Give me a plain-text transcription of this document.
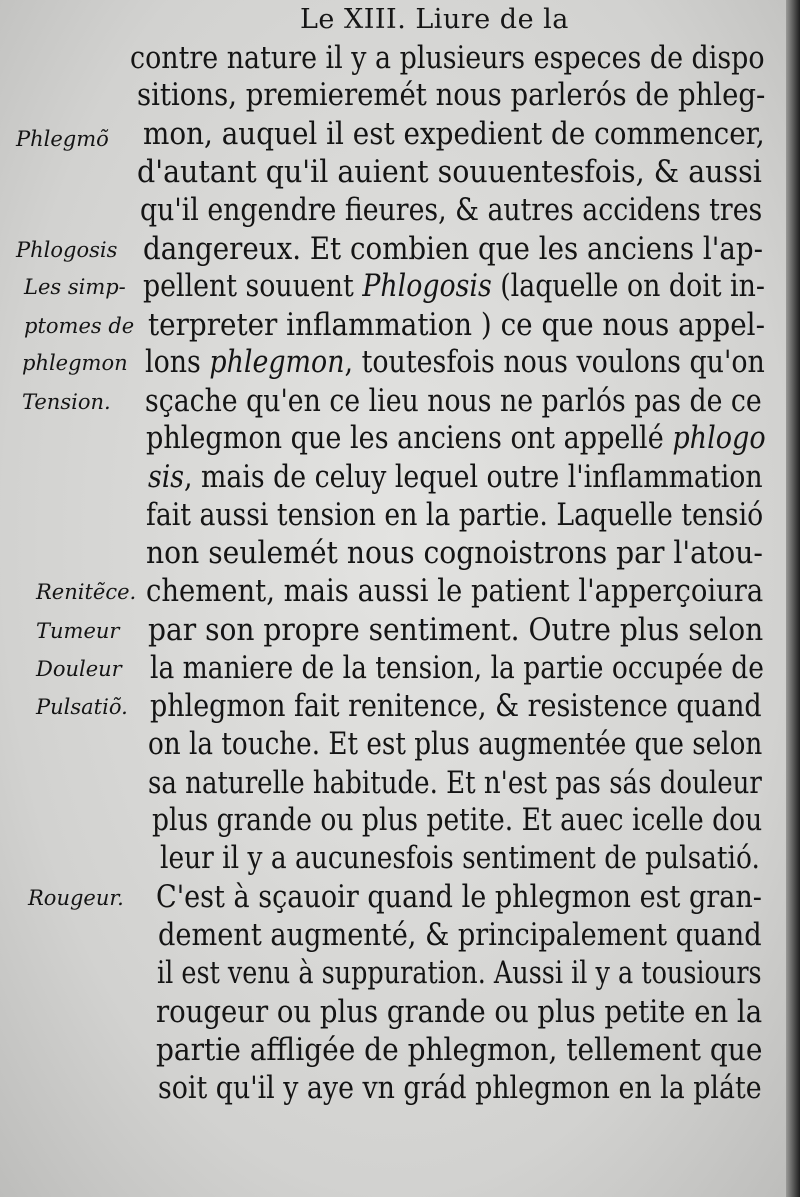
Le XIII. Liure de la
contre nature il y a plusieurs especes de dispo
sitions, premieremét nous parlerós de phleg-
mon, auquel il est expedient de commencer,
d'autant qu'il auient souuentesfois, & aussi
qu'il engendre fieures, & autres accidens tres
dangereux. Et combien que les anciens l'ap-
pellent souuent Phlogosis (laquelle on doit in-
terpreter inflammation ) ce que nous appel-
lons phlegmon, toutesfois nous voulons qu'on
sçache qu'en ce lieu nous ne parlós pas de ce
phlegmon que les anciens ont appellé phlogo
sis, mais de celuy lequel outre l'inflammation
fait aussi tension en la partie. Laquelle tensió
non seulemét nous cognoistrons par l'atou-
chement, mais aussi le patient l'apperçoiura
par son propre sentiment. Outre plus selon
la maniere de la tension, la partie occupée de
phlegmon fait renitence, & resistence quand
on la touche. Et est plus augmentée que selon
sa naturelle habitude. Et n'est pas sás douleur
plus grande ou plus petite. Et auec icelle dou
leur il y a aucunesfois sentiment de pulsatió.
C'est à sçauoir quand le phlegmon est gran-
dement augmenté, & principalement quand
il est venu à suppuration. Aussi il y a tousiours
rougeur ou plus grande ou plus petite en la
partie affligée de phlegmon, tellement que
soit qu'il y aye vn grád phlegmon en la pláte
Phlegmõ
Phlogosis
Les simp-
ptomes de
phlegmon
Tension.
Renitẽce.
Tumeur
Douleur
Pulsatiõ.
Rougeur.
